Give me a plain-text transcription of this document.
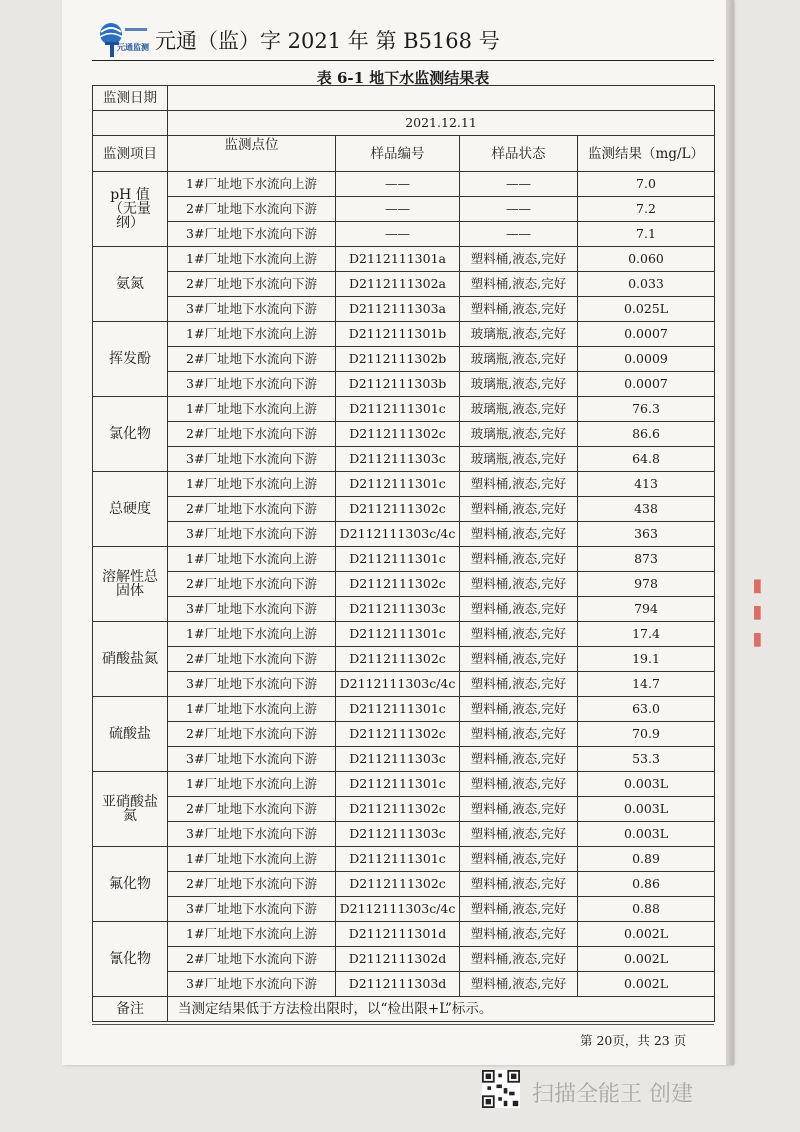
▮ ▮ ▮
元通监测 元通（监）字 2021 年 第 B5168 号
表 6-1 地下水监测结果表
监测日期				
	2021.12.11			
监测项目	监测点位	样品编号	样品状态	监测结果（mg/L）
pH 值（无量纲）	1#厂址地下水流向上游	——	——	7.0
	2#厂址地下水流向下游	——	——	7.2
	3#厂址地下水流向下游	——	——	7.1
氨氮	1#厂址地下水流向上游	D2112111301a	塑料桶,液态,完好	0.060
	2#厂址地下水流向下游	D2112111302a	塑料桶,液态,完好	0.033
	3#厂址地下水流向下游	D2112111303a	塑料桶,液态,完好	0.025L
挥发酚	1#厂址地下水流向上游	D2112111301b	玻璃瓶,液态,完好	0.0007
	2#厂址地下水流向下游	D2112111302b	玻璃瓶,液态,完好	0.0009
	3#厂址地下水流向下游	D2112111303b	玻璃瓶,液态,完好	0.0007
氯化物	1#厂址地下水流向上游	D2112111301c	玻璃瓶,液态,完好	76.3
	2#厂址地下水流向下游	D2112111302c	玻璃瓶,液态,完好	86.6
	3#厂址地下水流向下游	D2112111303c	玻璃瓶,液态,完好	64.8
总硬度	1#厂址地下水流向上游	D2112111301c	塑料桶,液态,完好	413
	2#厂址地下水流向下游	D2112111302c	塑料桶,液态,完好	438
	3#厂址地下水流向下游	D2112111303c/4c	塑料桶,液态,完好	363
溶解性总固体	1#厂址地下水流向上游	D2112111301c	塑料桶,液态,完好	873
	2#厂址地下水流向下游	D2112111302c	塑料桶,液态,完好	978
	3#厂址地下水流向下游	D2112111303c	塑料桶,液态,完好	794
硝酸盐氮	1#厂址地下水流向上游	D2112111301c	塑料桶,液态,完好	17.4
	2#厂址地下水流向下游	D2112111302c	塑料桶,液态,完好	19.1
	3#厂址地下水流向下游	D2112111303c/4c	塑料桶,液态,完好	14.7
硫酸盐	1#厂址地下水流向上游	D2112111301c	塑料桶,液态,完好	63.0
	2#厂址地下水流向下游	D2112111302c	塑料桶,液态,完好	70.9
	3#厂址地下水流向下游	D2112111303c	塑料桶,液态,完好	53.3
亚硝酸盐氮	1#厂址地下水流向上游	D2112111301c	塑料桶,液态,完好	0.003L
	2#厂址地下水流向下游	D2112111302c	塑料桶,液态,完好	0.003L
	3#厂址地下水流向下游	D2112111303c	塑料桶,液态,完好	0.003L
氟化物	1#厂址地下水流向上游	D2112111301c	塑料桶,液态,完好	0.89
	2#厂址地下水流向下游	D2112111302c	塑料桶,液态,完好	0.86
	3#厂址地下水流向下游	D2112111303c/4c	塑料桶,液态,完好	0.88
氰化物	1#厂址地下水流向上游	D2112111301d	塑料桶,液态,完好	0.002L
	2#厂址地下水流向下游	D2112111302d	塑料桶,液态,完好	0.002L
	3#厂址地下水流向下游	D2112111303d	塑料桶,液态,完好	0.002L
备注	当测定结果低于方法检出限时，以“检出限+L”标示。			
第 20页，共 23 页
扫描全能王 创建
